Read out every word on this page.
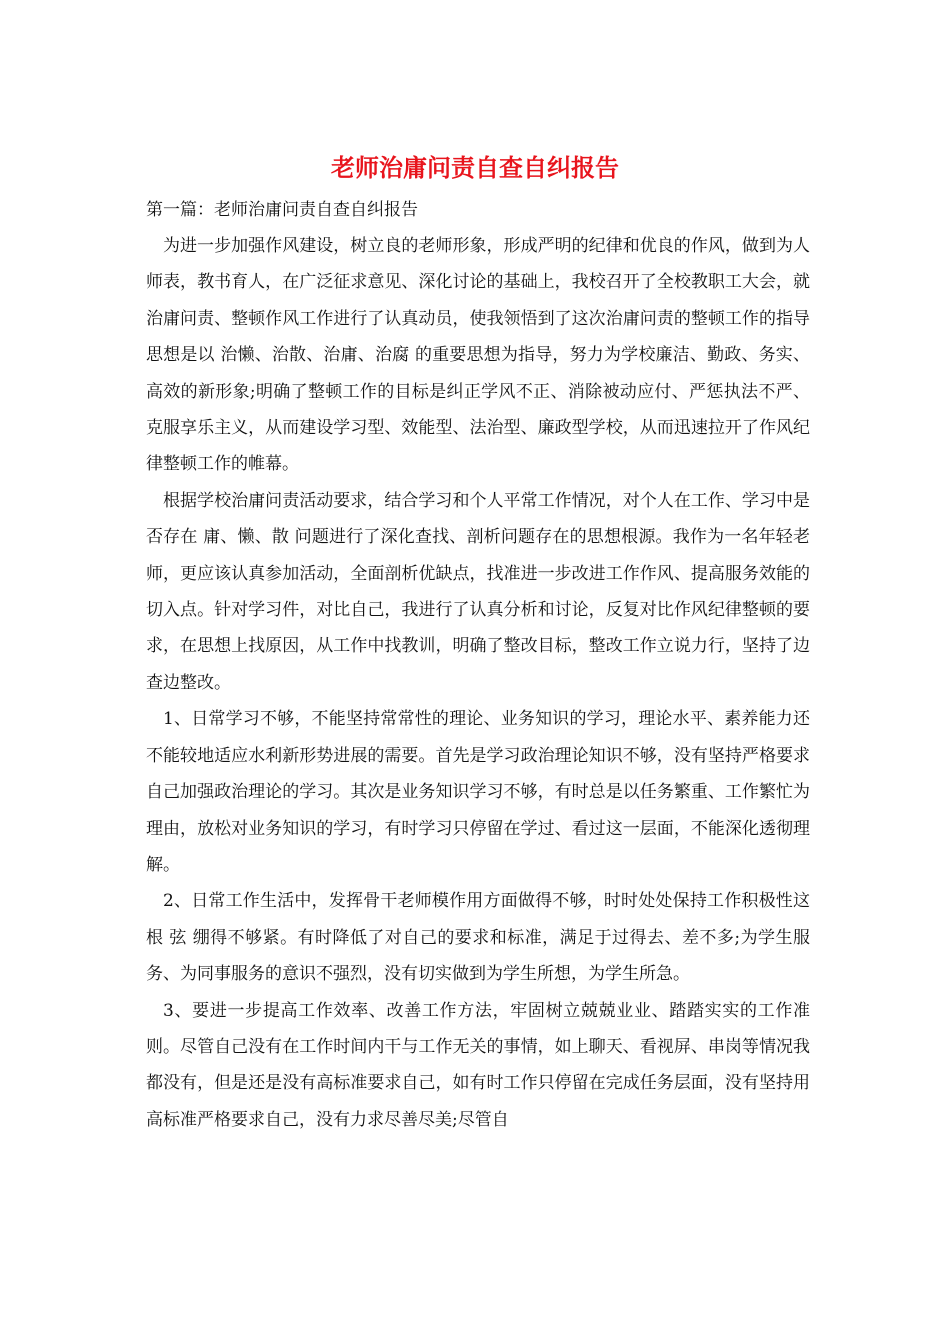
老师治庸问责自查自纠报告

第一篇：老师治庸问责自查自纠报告

为进一步加强作风建设，树立良的老师形象，形成严明的纪律和优良的作风，做到为人师表，教书育人，在广泛征求意见、深化讨论的基础上，我校召开了全校教职工大会，就治庸问责、整顿作风工作进行了认真动员，使我领悟到了这次治庸问责的整顿工作的指导思想是以 治懒、治散、治庸、治腐 的重要思想为指导，努力为学校廉洁、勤政、务实、高效的新形象;明确了整顿工作的目标是纠正学风不正、消除被动应付、严惩执法不严、克服享乐主义，从而建设学习型、效能型、法治型、廉政型学校，从而迅速拉开了作风纪律整顿工作的帷幕。

根据学校治庸问责活动要求，结合学习和个人平常工作情况，对个人在工作、学习中是否存在 庸、懒、散 问题进行了深化查找、剖析问题存在的思想根源。我作为一名年轻老师，更应该认真参加活动，全面剖析优缺点，找准进一步改进工作作风、提高服务效能的切入点。针对学习件，对比自己，我进行了认真分析和讨论，反复对比作风纪律整顿的要求，在思想上找原因，从工作中找教训，明确了整改目标，整改工作立说力行，坚持了边查边整改。

1、日常学习不够，不能坚持常常性的理论、业务知识的学习，理论水平、素养能力还不能较地适应水利新形势进展的需要。首先是学习政治理论知识不够，没有坚持严格要求自己加强政治理论的学习。其次是业务知识学习不够，有时总是以任务繁重、工作繁忙为理由，放松对业务知识的学习，有时学习只停留在学过、看过这一层面，不能深化透彻理解。

2、日常工作生活中，发挥骨干老师模作用方面做得不够，时时处处保持工作积极性这根 弦 绷得不够紧。有时降低了对自己的要求和标准，满足于过得去、差不多;为学生服务、为同事服务的意识不强烈，没有切实做到为学生所想，为学生所急。

3、要进一步提高工作效率、改善工作方法，牢固树立兢兢业业、踏踏实实的工作准则。尽管自己没有在工作时间内干与工作无关的事情，如上聊天、看视屏、串岗等情况我都没有，但是还是没有高标准要求自己，如有时工作只停留在完成任务层面，没有坚持用高标准严格要求自己，没有力求尽善尽美;尽管自
